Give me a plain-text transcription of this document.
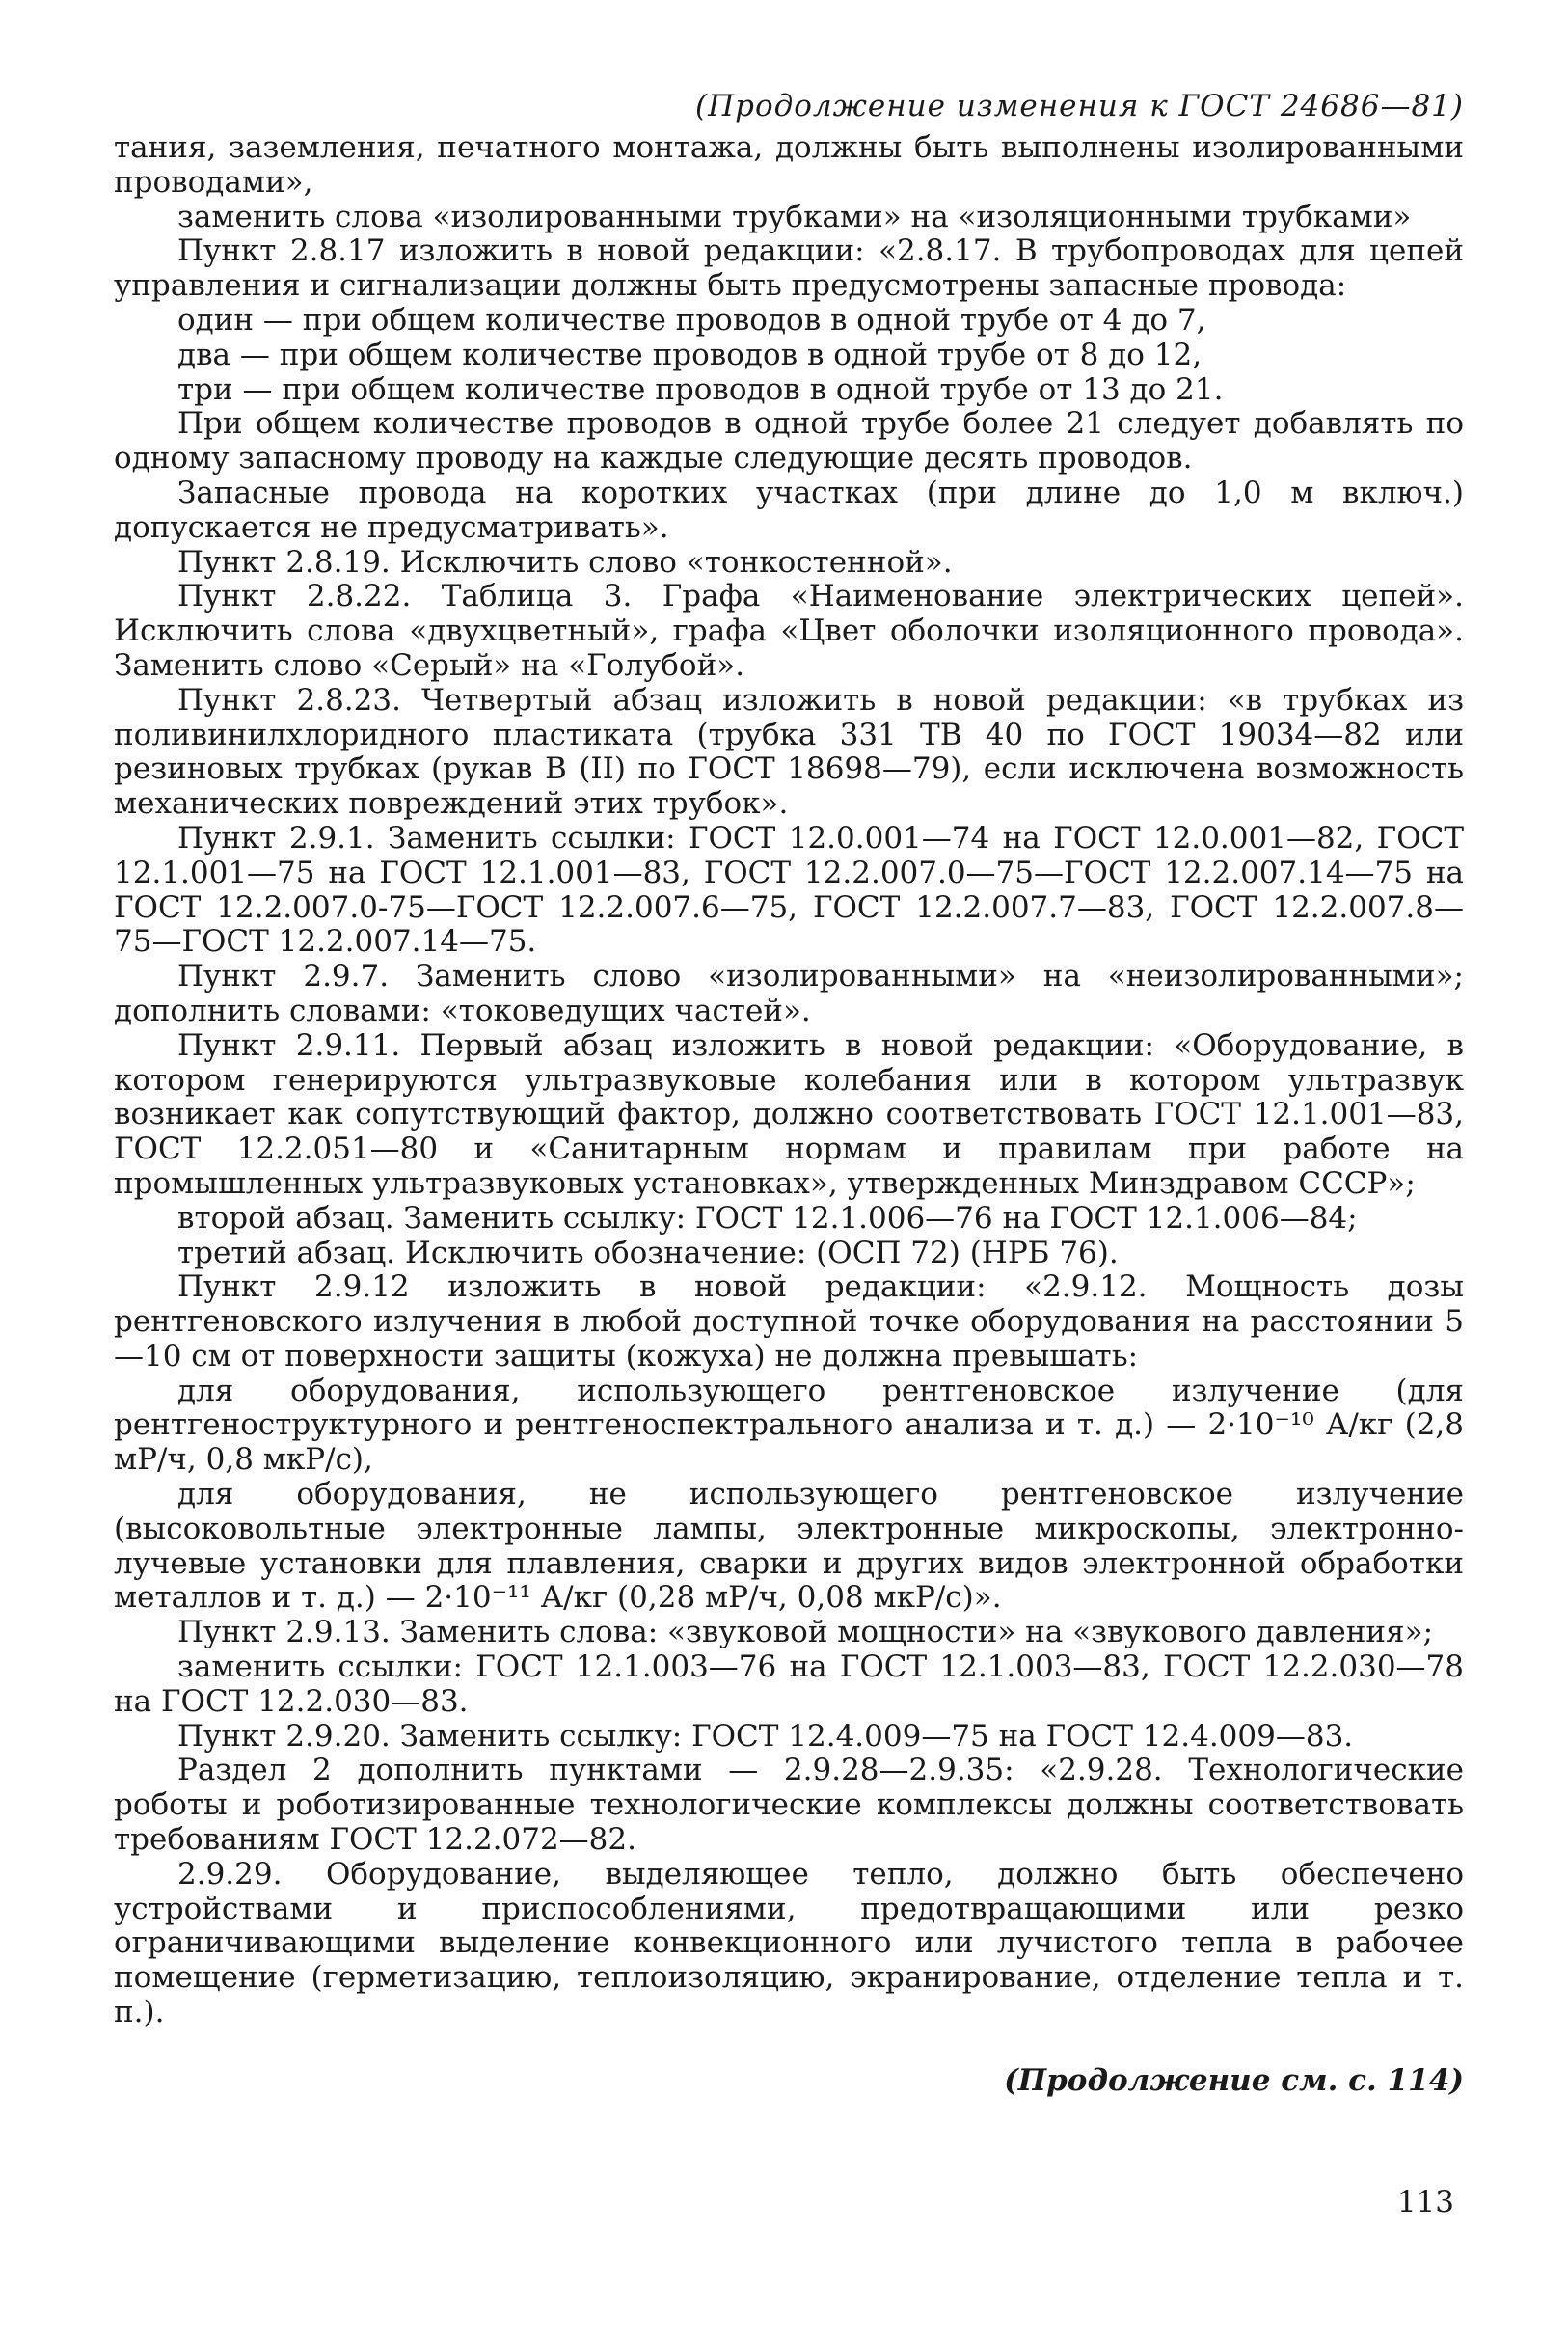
(Продолжение изменения к ГОСТ 24686—81)

тания, заземления, печатного монтажа, должны быть выполнены изолированными проводами»,

заменить слова «изолированными трубками» на «изоляционными трубками»

Пункт 2.8.17 изложить в новой редакции: «2.8.17. В трубопроводах для цепей управления и сигнализации должны быть предусмотрены запасные провода:

один — при общем количестве проводов в одной трубе от 4 до 7,

два — при общем количестве проводов в одной трубе от 8 до 12,

три — при общем количестве проводов в одной трубе от 13 до 21.

При общем количестве проводов в одной трубе более 21 следует добавлять по одному запасному проводу на каждые следующие десять проводов.

Запасные провода на коротких участках (при длине до 1,0 м включ.) допускается не предусматривать».

Пункт 2.8.19. Исключить слово «тонкостенной».

Пункт 2.8.22. Таблица 3. Графа «Наименование электрических цепей». Исключить слова «двухцветный», графа «Цвет оболочки изоляционного провода». Заменить слово «Серый» на «Голубой».

Пункт 2.8.23. Четвертый абзац изложить в новой редакции: «в трубках из поливинилхлоридного пластиката (трубка 331 ТВ 40 по ГОСТ 19034—82 или резиновых трубках (рукав В (II) по ГОСТ 18698—79), если исключена возможность механических повреждений этих трубок».

Пункт 2.9.1. Заменить ссылки: ГОСТ 12.0.001—74 на ГОСТ 12.0.001—82, ГОСТ 12.1.001—75 на ГОСТ 12.1.001—83, ГОСТ 12.2.007.0—75—ГОСТ 12.2.007.14—75 на ГОСТ 12.2.007.0-75—ГОСТ 12.2.007.6—75, ГОСТ 12.2.007.7—83, ГОСТ 12.2.007.8—75—ГОСТ 12.2.007.14—75.

Пункт 2.9.7. Заменить слово «изолированными» на «неизолированными»; дополнить словами: «токоведущих частей».

Пункт 2.9.11. Первый абзац изложить в новой редакции: «Оборудование, в котором генерируются ультразвуковые колебания или в котором ультразвук возникает как сопутствующий фактор, должно соответствовать ГОСТ 12.1.001—83, ГОСТ 12.2.051—80 и «Санитарным нормам и правилам при работе на промышленных ультразвуковых установках», утвержденных Минздравом СССР»;

второй абзац. Заменить ссылку: ГОСТ 12.1.006—76 на ГОСТ 12.1.006—84;

третий абзац. Исключить обозначение: (ОСП 72) (НРБ 76).

Пункт 2.9.12 изложить в новой редакции: «2.9.12. Мощность дозы рентгеновского излучения в любой доступной точке оборудования на расстоянии 5—10 см от поверхности защиты (кожуха) не должна превышать:

для оборудования, использующего рентгеновское излучение (для рентгеноструктурного и рентгеноспектрального анализа и т. д.) — 2·10⁻¹⁰ А/кг (2,8 мР/ч, 0,8 мкР/с),

для оборудования, не использующего рентгеновское излучение (высоковольтные электронные лампы, электронные микроскопы, электронно-лучевые установки для плавления, сварки и других видов электронной обработки металлов и т. д.) — 2·10⁻¹¹ А/кг (0,28 мР/ч, 0,08 мкР/с)».

Пункт 2.9.13. Заменить слова: «звуковой мощности» на «звукового давления»;

заменить ссылки: ГОСТ 12.1.003—76 на ГОСТ 12.1.003—83, ГОСТ 12.2.030—78 на ГОСТ 12.2.030—83.

Пункт 2.9.20. Заменить ссылку: ГОСТ 12.4.009—75 на ГОСТ 12.4.009—83.

Раздел 2 дополнить пунктами — 2.9.28—2.9.35: «2.9.28. Технологические роботы и роботизированные технологические комплексы должны соответствовать требованиям ГОСТ 12.2.072—82.

2.9.29. Оборудование, выделяющее тепло, должно быть обеспечено устройствами и приспособлениями, предотвращающими или резко ограничивающими выделение конвекционного или лучистого тепла в рабочее помещение (герметизацию, теплоизоляцию, экранирование, отделение тепла и т. п.).

(Продолжение см. с. 114)
113
